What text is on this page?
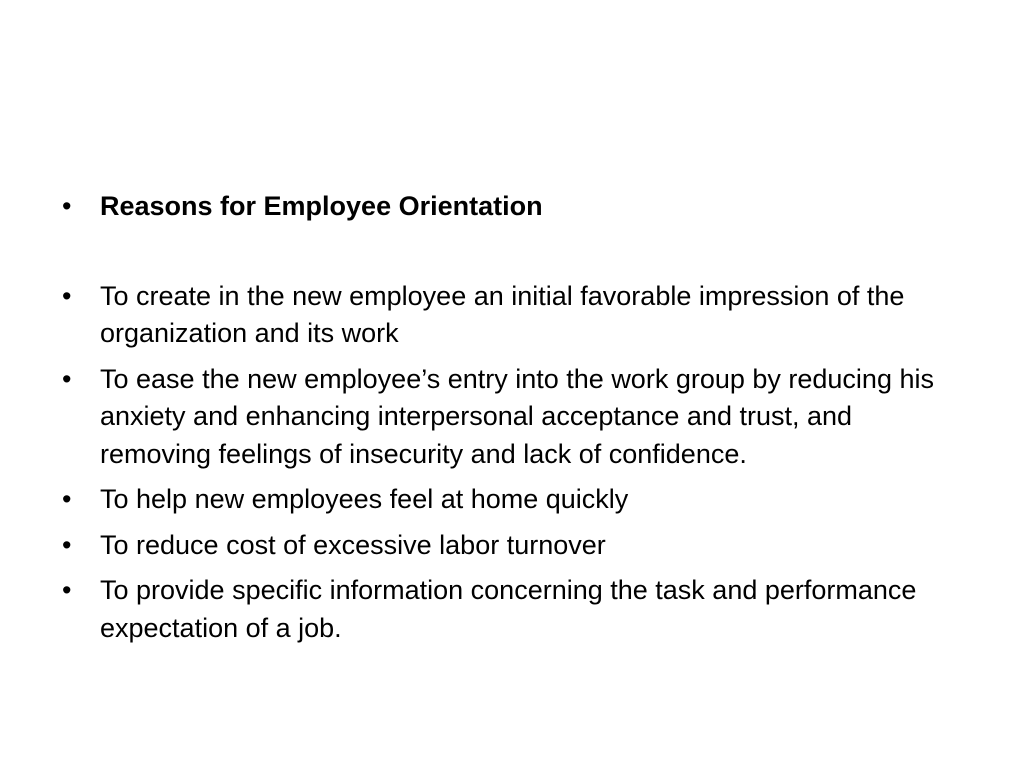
• Reasons for Employee Orientation
• To create in the new employee an initial favorable impression of the organization and its work
• To ease the new employee’s entry into the work group by reducing his anxiety and enhancing interpersonal acceptance and trust, and removing feelings of insecurity and lack of confidence.
• To help new employees feel at home quickly
• To reduce cost of excessive labor turnover
• To provide specific information concerning the task and performance expectation of a job.
